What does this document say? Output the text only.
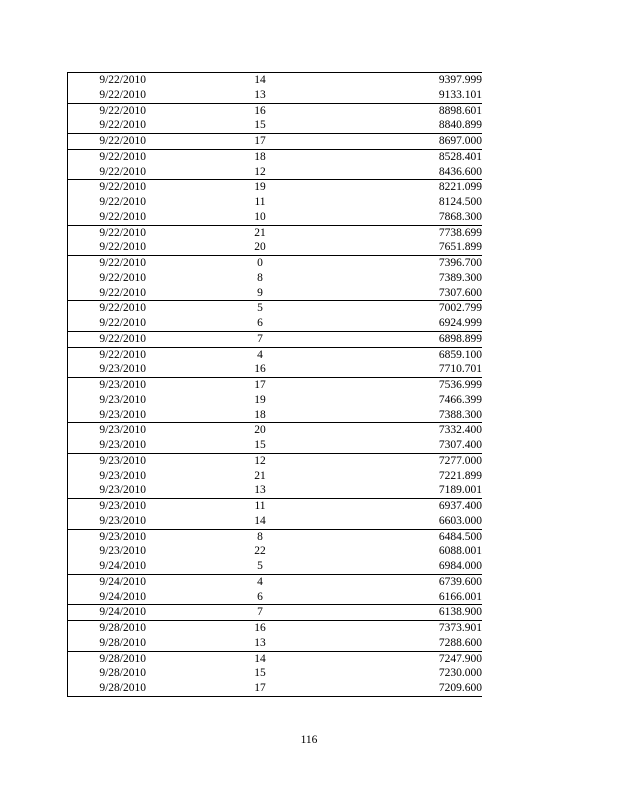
9/22/2010	14	9397.999
9/22/2010	13	9133.101
9/22/2010	16	8898.601
9/22/2010	15	8840.899
9/22/2010	17	8697.000
9/22/2010	18	8528.401
9/22/2010	12	8436.600
9/22/2010	19	8221.099
9/22/2010	11	8124.500
9/22/2010	10	7868.300
9/22/2010	21	7738.699
9/22/2010	20	7651.899
9/22/2010	0	7396.700
9/22/2010	8	7389.300
9/22/2010	9	7307.600
9/22/2010	5	7002.799
9/22/2010	6	6924.999
9/22/2010	7	6898.899
9/22/2010	4	6859.100
9/23/2010	16	7710.701
9/23/2010	17	7536.999
9/23/2010	19	7466.399
9/23/2010	18	7388.300
9/23/2010	20	7332.400
9/23/2010	15	7307.400
9/23/2010	12	7277.000
9/23/2010	21	7221.899
9/23/2010	13	7189.001
9/23/2010	11	6937.400
9/23/2010	14	6603.000
9/23/2010	8	6484.500
9/23/2010	22	6088.001
9/24/2010	5	6984.000
9/24/2010	4	6739.600
9/24/2010	6	6166.001
9/24/2010	7	6138.900
9/28/2010	16	7373.901
9/28/2010	13	7288.600
9/28/2010	14	7247.900
9/28/2010	15	7230.000
9/28/2010	17	7209.600
116
